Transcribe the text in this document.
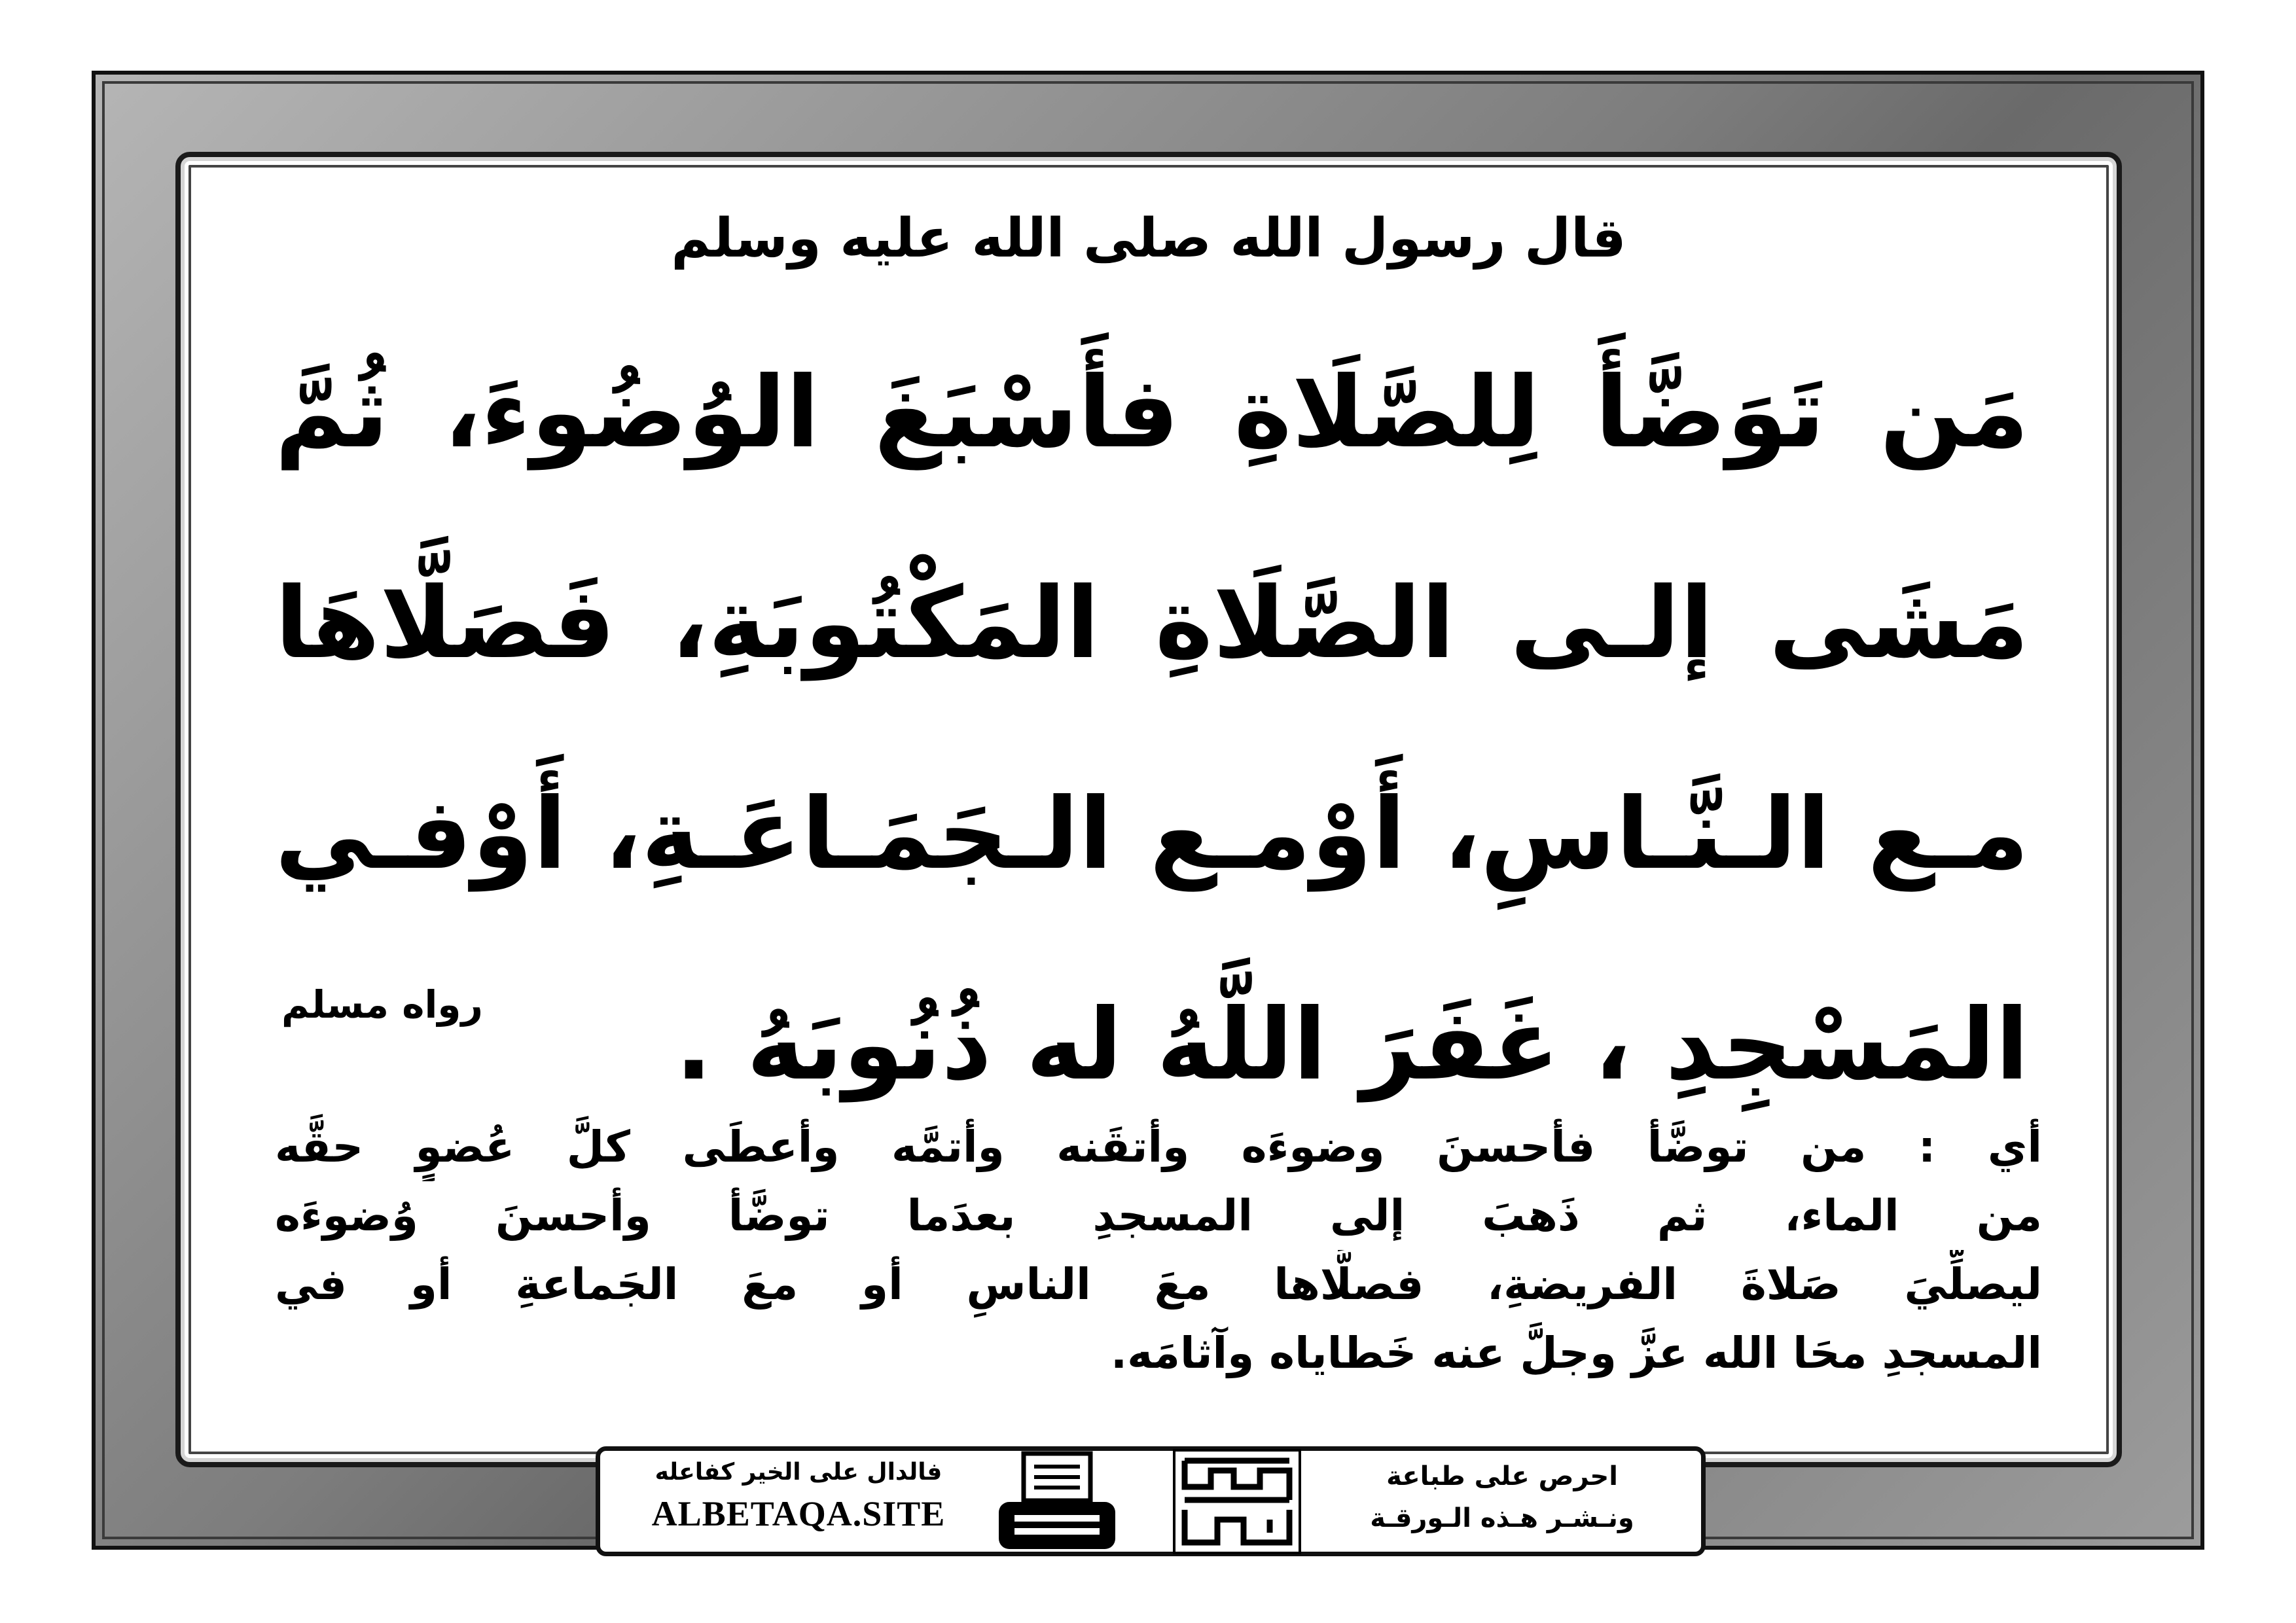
قال رسول الله صلى الله عليه وسلم
مَن تَوَضَّأَ لِلصَّلَاةِ فأَسْبَغَ الوُضُوءَ، ثُمَّ
مَشَى إلـى الصَّلَاةِ المَكْتُوبَةِ، فَصَلَّاهَا
مـع الـنَّـاسِ، أَوْمـع الـجَمَـاعَـةِ، أَوْفـي
المَسْجِدِ ، غَفَرَ اللَّهُ له ذُنُوبَهُ .
رواه مسلم
أي : من توضَّأ فأحسنَ وضوءَه وأتقَنه وأتمَّه وأعطَى كلَّ عُضوٍ حقَّه
من الماء، ثم ذَهبَ إلى المسجدِ بعدَما توضَّأ وأحسنَ وُضوءَه
ليصلِّيَ صَلاةَ الفريضةِ، فصلَّاها معَ الناسِ أو معَ الجَماعةِ أو في
المسجدِ محَا الله عزَّ وجلَّ عنه خَطاياه وآثامَه.
فالدال على الخير كفاعله
ALBETAQA.SITE
احرص على طباعة
ونـشـر هـذه الـورقـة
